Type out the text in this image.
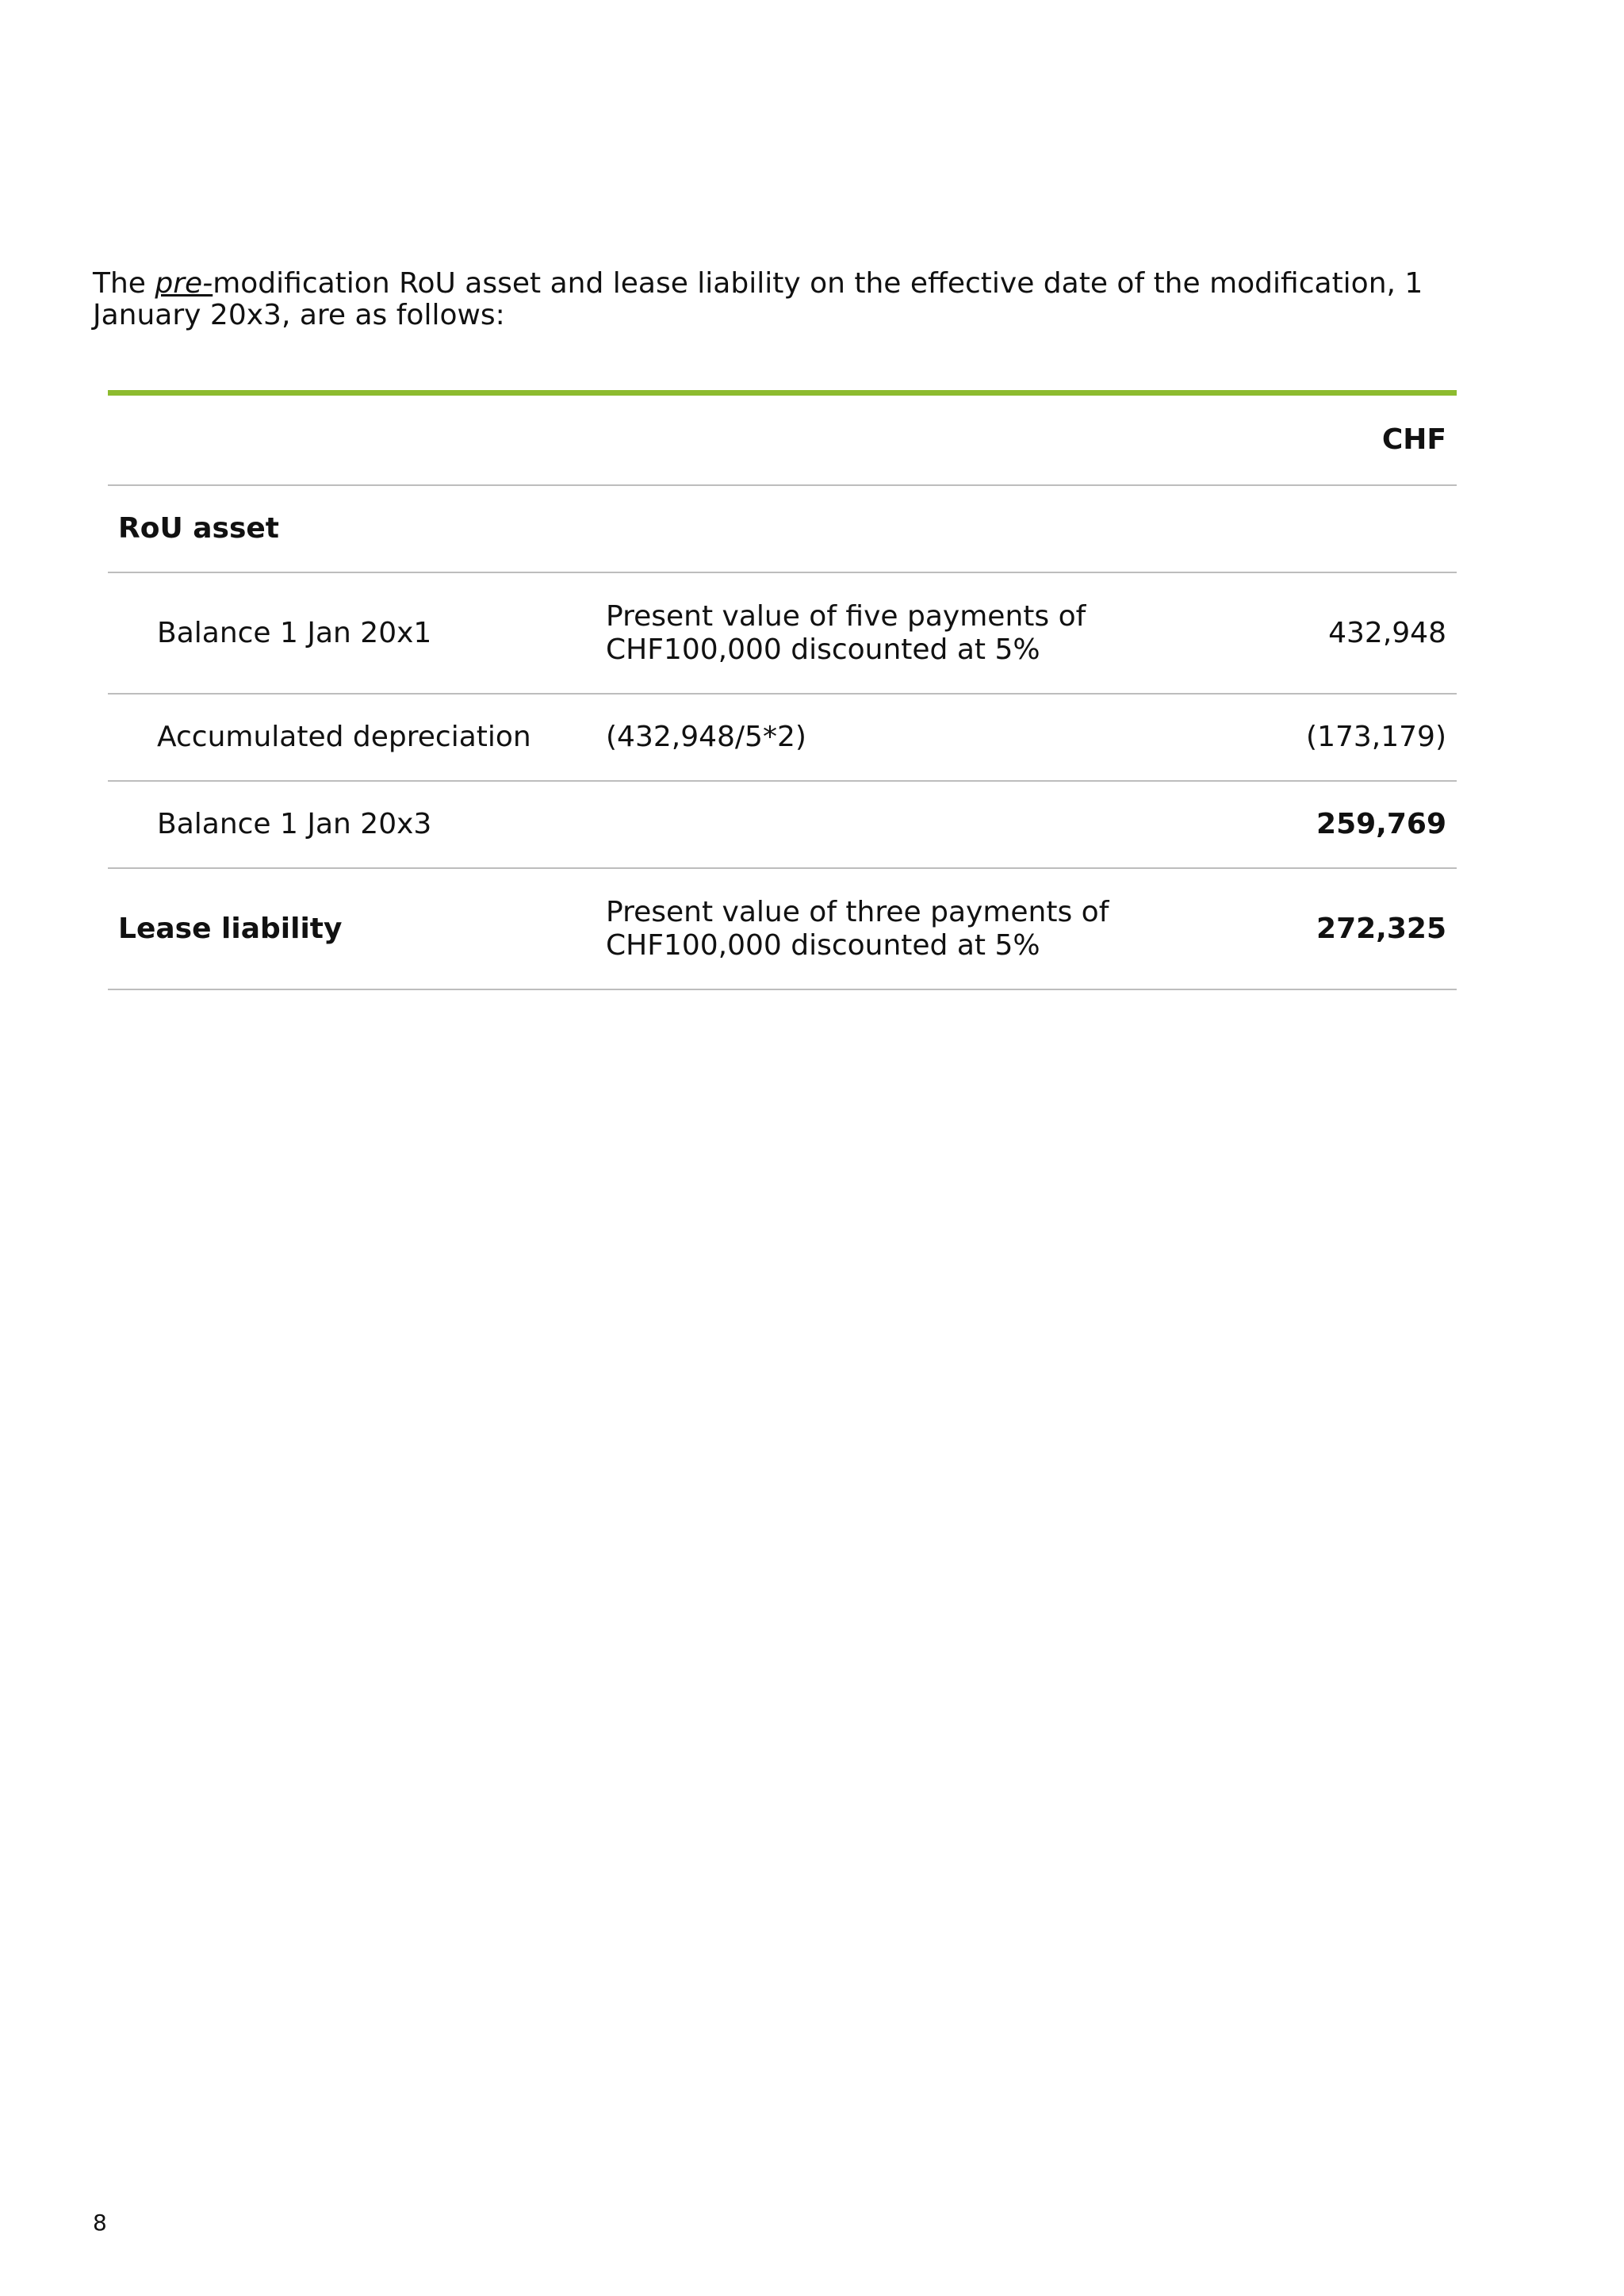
The pre-modification RoU asset and lease liability on the effective date of the modification, 1 January 20x3, are as follows:

		CHF
RoU asset		
Balance 1 Jan 20x1	Present value of five payments of CHF100,000 discounted at 5%	432,948
Accumulated depreciation	(432,948/5*2)	(173,179)
Balance 1 Jan 20x3		259,769
Lease liability	Present value of three payments of CHF100,000 discounted at 5%	272,325
8
